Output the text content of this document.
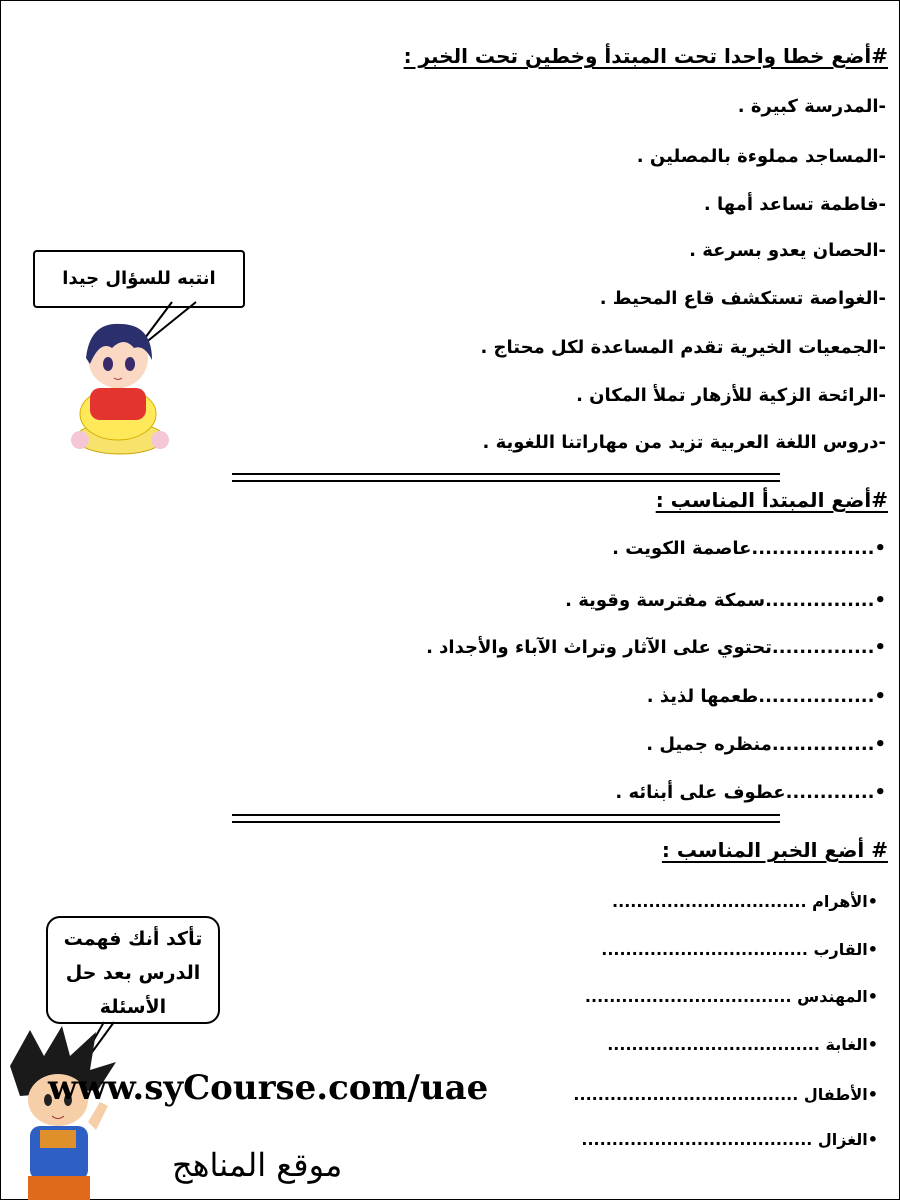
#أضع خطا واحدا تحت المبتدأ وخطين تحت الخبر :
-المدرسة كبيرة .
-المساجد مملوءة بالمصلين .
-فاطمة تساعد أمها .
-الحصان يعدو بسرعة .
-الغواصة تستكشف قاع المحيط .
-الجمعيات الخيرية تقدم المساعدة لكل محتاج .
-الرائحة الزكية للأزهار تملأ المكان .
-دروس اللغة العربية تزيد من مهاراتنا اللغوية .
انتبه للسؤال جيدا
#أضع المبتدأ المناسب :
•..................عاصمة الكويت .
•................سمكة مفترسة وقوية .
•...............تحتوي على الآثار وتراث الآباء والأجداد .
•.................طعمها لذيذ .
•...............منظره جميل .
•.............عطوف على أبنائه .
# أضع الخبر المناسب :
•الأهرام ................................
•القارب ..................................
•المهندس ..................................
•الغابة ...................................
•الأطفال .....................................
•الغزال ......................................
تأكد أنك فهمت
الدرس بعد حل
الأسئلة
www.syCourse.com/uae
موقع المناهج
